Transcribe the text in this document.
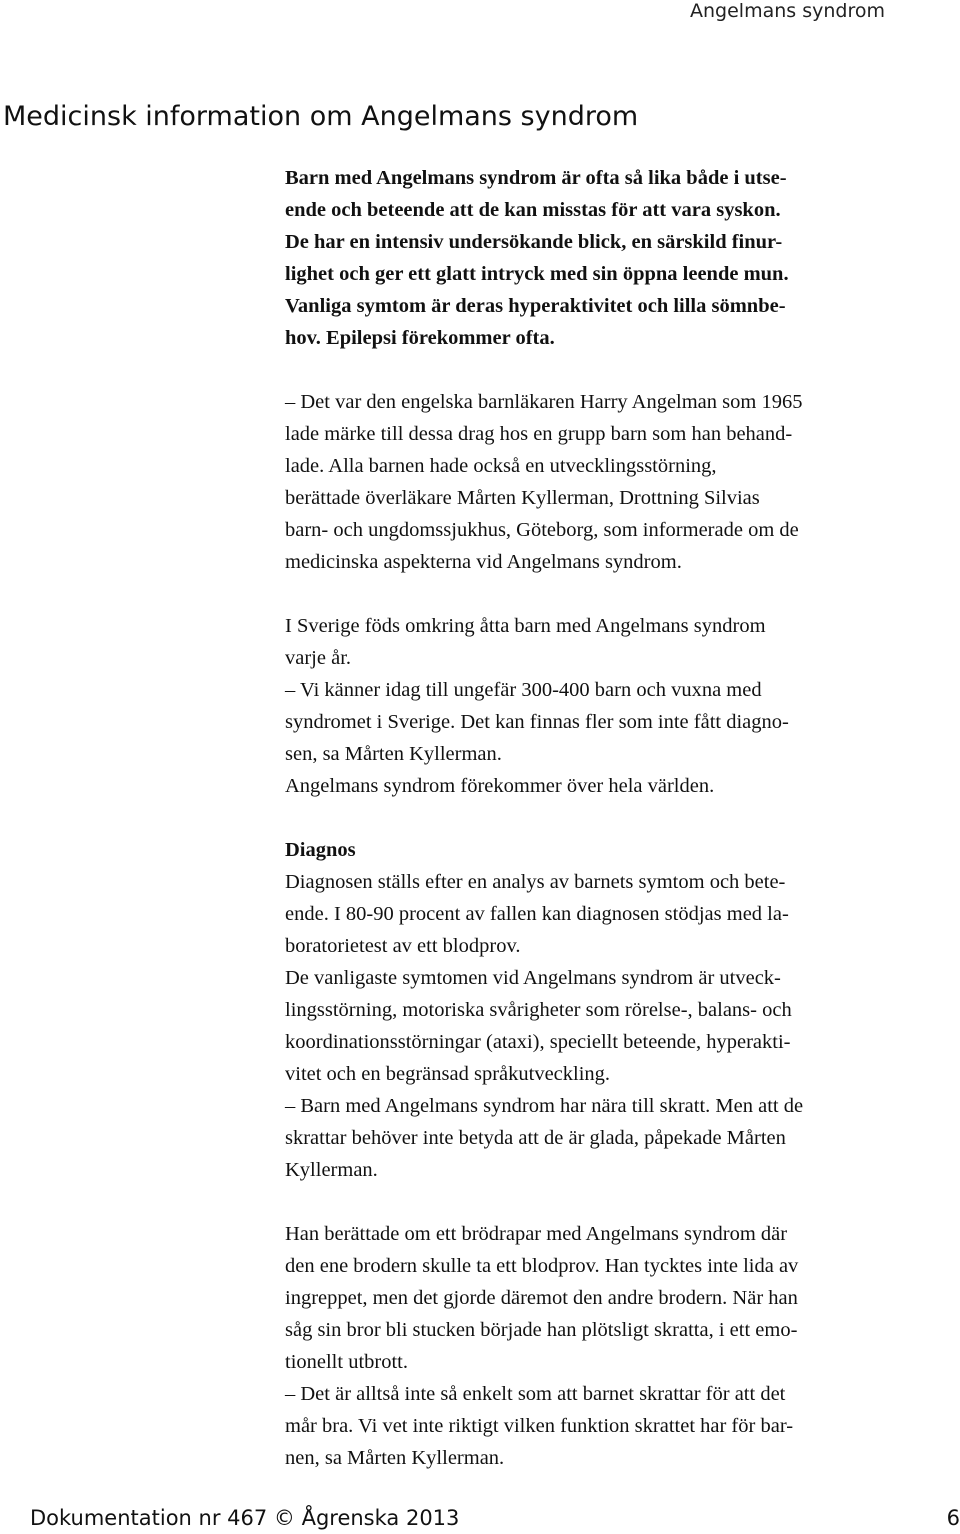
Angelmans syndrom
Medicinsk information om Angelmans syndrom
Barn med Angelmans syndrom är ofta så lika både i utse-
ende och beteende att de kan misstas för att vara syskon.
De har en intensiv undersökande blick, en särskild finur-
lighet och ger ett glatt intryck med sin öppna leende mun.
Vanliga symtom är deras hyperaktivitet och lilla sömnbe-
hov. Epilepsi förekommer ofta.
– Det var den engelska barnläkaren Harry Angelman som 1965
lade märke till dessa drag hos en grupp barn som han behand-
lade. Alla barnen hade också en utvecklingsstörning,
berättade överläkare Mårten Kyllerman, Drottning Silvias
barn- och ungdomssjukhus, Göteborg, som informerade om de
medicinska aspekterna vid Angelmans syndrom.
I Sverige föds omkring åtta barn med Angelmans syndrom
varje år.
– Vi känner idag till ungefär 300-400 barn och vuxna med
syndromet i Sverige. Det kan finnas fler som inte fått diagno-
sen, sa Mårten Kyllerman.
Angelmans syndrom förekommer över hela världen.
Diagnos
Diagnosen ställs efter en analys av barnets symtom och bete-
ende. I 80-90 procent av fallen kan diagnosen stödjas med la-
boratorietest av ett blodprov.
De vanligaste symtomen vid Angelmans syndrom är utveck-
lingsstörning, motoriska svårigheter som rörelse-, balans- och
koordinationsstörningar (ataxi), speciellt beteende, hyperakti-
vitet och en begränsad språkutveckling.
– Barn med Angelmans syndrom har nära till skratt. Men att de
skrattar behöver inte betyda att de är glada, påpekade Mårten
Kyllerman.
Han berättade om ett brödrapar med Angelmans syndrom där
den ene brodern skulle ta ett blodprov. Han tycktes inte lida av
ingreppet, men det gjorde däremot den andre brodern. När han
såg sin bror bli stucken började han plötsligt skratta, i ett emo-
tionellt utbrott.
– Det är alltså inte så enkelt som att barnet skrattar för att det
mår bra. Vi vet inte riktigt vilken funktion skrattet har för bar-
nen, sa Mårten Kyllerman.
Dokumentation nr 467 © Ågrenska 2013	6
